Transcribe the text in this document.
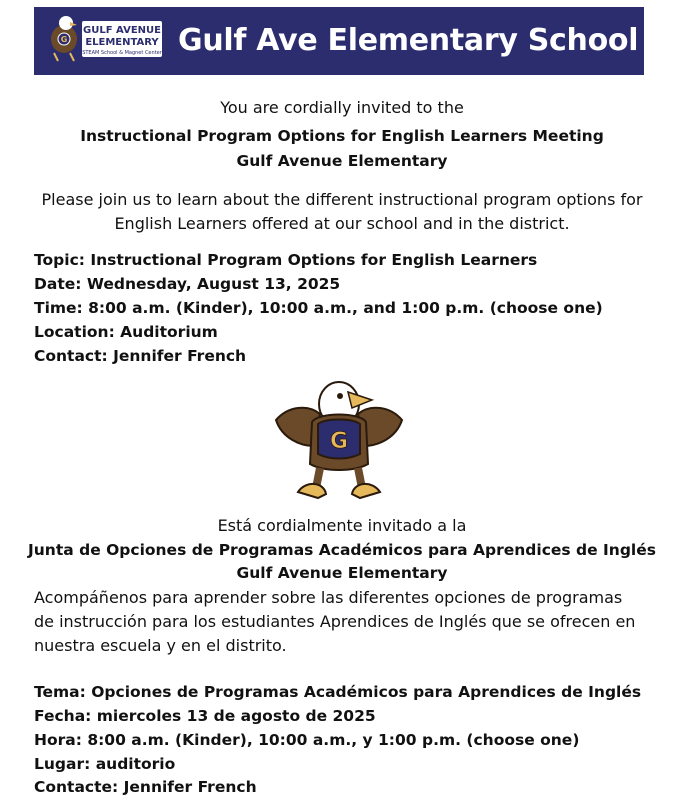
G
GULF AVENUE
ELEMENTARY
STEAM School & Magnet Center Gulf Ave Elementary School
You are cordially invited to the
Instructional Program Options for English Learners Meeting
Gulf Avenue Elementary
Please join us to learn about the different instructional program options for
English Learners offered at our school and in the district.
Topic: Instructional Program Options for English Learners
Date: Wednesday, August 13, 2025
Time: 8:00 a.m. (Kinder), 10:00 a.m., and 1:00 p.m. (choose one)
Location: Auditorium
Contact: Jennifer French
G
Está cordialmente invitado a la
Junta de Opciones de Programas Académicos para Aprendices de Inglés
Gulf Avenue Elementary
Acompáñenos para aprender sobre las diferentes opciones de programas
de instrucción para los estudiantes Aprendices de Inglés que se ofrecen en
nuestra escuela y en el distrito.
Tema: Opciones de Programas Académicos para Aprendices de Inglés
Fecha: miercoles 13 de agosto de 2025
Hora: 8:00 a.m. (Kinder), 10:00 a.m., y 1:00 p.m. (choose one)
Lugar: auditorio
Contacte: Jennifer French
